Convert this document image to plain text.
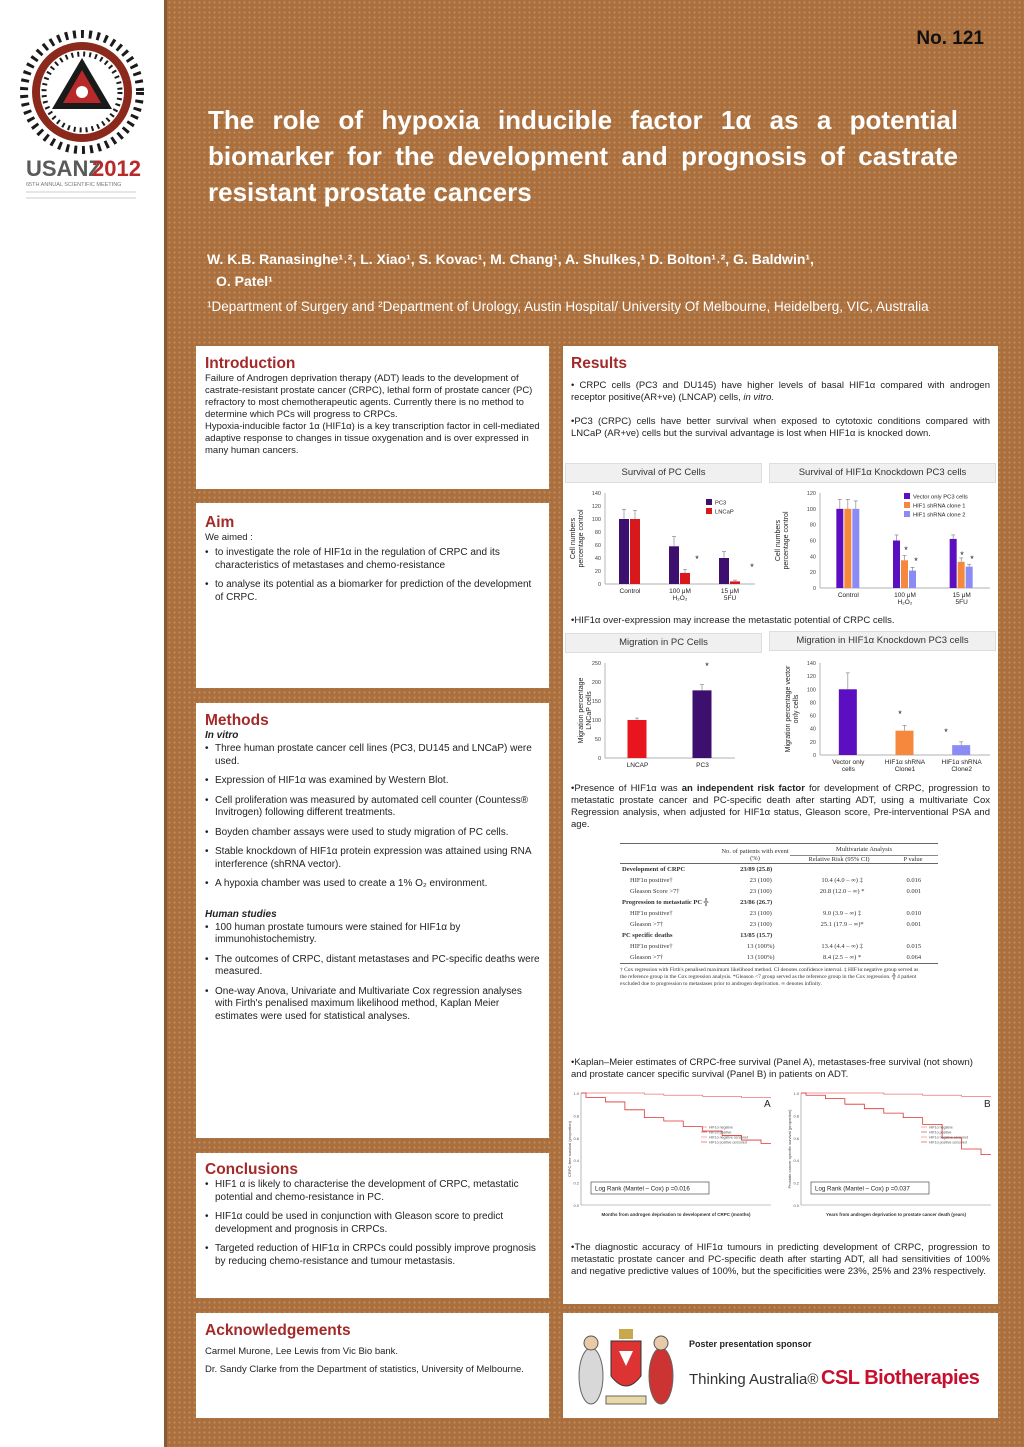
USANZ
2012
65TH ANNUAL SCIENTIFIC MEETING
No. 121
The role of hypoxia inducible factor 1α as a potential biomarker for the development and prognosis of castrate resistant prostate cancers
W. K.B. Ranasinghe¹˒², L. Xiao¹, S. Kovac¹, M. Chang¹, A. Shulkes,¹ D. Bolton¹˒², G. Baldwin¹,
O. Patel¹
¹Department of Surgery and ²Department of Urology, Austin Hospital/ University Of Melbourne, Heidelberg, VIC, Australia
Introduction
Failure of Androgen deprivation therapy (ADT) leads to the development of castrate-resistant prostate cancer (CRPC), lethal form of prostate cancer (PC) refractory to most chemotherapeutic agents. Currently there is no method to determine which PCs will progress to CRPCs.
Hypoxia-inducible factor 1α (HIF1α) is a key transcription factor in cell-mediated adaptive response to changes in tissue oxygenation and is over expressed in many human cancers.
Aim
We aimed :
• to investigate the role of HIF1α in the regulation of CRPC and its characteristics of metastases and chemo-resistance
• to analyse its potential as a biomarker for prediction of the development of CRPC.
Methods
In vitro
• Three human prostate cancer cell lines (PC3, DU145 and LNCaP) were used.
• Expression of HIF1α was examined by Western Blot.
• Cell proliferation was measured by automated cell counter (Countess® Invitrogen) following different treatments.
• Boyden chamber assays were used to study migration of PC cells.
• Stable knockdown of HIF1α protein expression was attained using RNA interference (shRNA vector).
• A hypoxia chamber was used to create a 1% O₂ environment.
Human studies
• 100 human prostate tumours were stained for HIF1α by immunohistochemistry.
• The outcomes of CRPC, distant metastases and PC-specific deaths were measured.
• One-way Anova, Univariate and Multivariate Cox regression analyses with Firth's penalised maximum likelihood method, Kaplan Meier estimates were used for statistical analyses.
Conclusions
• HIF1 α is likely to characterise the development of CRPC, metastatic potential and chemo-resistance in PC.
• HIF1α could be used in conjunction with Gleason score to predict development and prognosis in CRPCs.
• Targeted reduction of HIF1α in CRPCs could possibly improve prognosis by reducing chemo-resistance and tumour metastasis.
Acknowledgements
Carmel Murone, Lee Lewis from Vic Bio bank.
Dr. Sandy Clarke from the Department of statistics, University of Melbourne.
Results
• CRPC cells (PC3 and DU145) have higher levels of basal HIF1α compared with androgen receptor positive(AR+ve) (LNCAP) cells, in vitro.
•PC3 (CRPC) cells have better survival when exposed to cytotoxic conditions compared with LNCaP (AR+ve) cells but the survival advantage is lost when HIF1α is knocked down.
Survival of PC Cells	Survival of HIF1α Knockdown PC3 cells
0
20
40
60
80
100
120
140
Cell numberspercentage control
Control	100 μM
H₂O₂
15 μM
5FU
PC3
LNCaP
*
*
0
20
40
60
80
100
120
Cell numberspercentage control
Control	100 μM
H₂O₂
15 μM
5FU
Vector only PC3 cells
HIF1 shRNA clone 1
HIF1 shRNA clone 2
*
*
* *
•HIF1α over-expression may increase the metastatic potential of CRPC cells.
Migration in PC Cells	Migration in HIF1α Knockdown PC3 cells
0
50
100
150
200
250
Migration percentageLNCaP cells
LNCAP	PC3
*
0
20
40
60
80
100
120
140
Migration percentage vectoronly cells
Vector only
cells
HIF1α shRNA
Clone1
HIF1α shRNA
Clone2
*
*
•Presence of HIF1α was an independent risk factor for development of CRPC, progression to metastatic prostate cancer and PC-specific death after starting ADT, using a multivariate Cox Regression analysis, when adjusted for HIF1α status, Gleason score, Pre-interventional PSA and age.
No. of patients with event (%)
Multivariate Analysis
Relative Risk (95% CI)	P value
Development of CRPC	23/89 (25.8)
HIF1α positive†	23 (100)	10.4 (4.0 – ∞) ‡	0.016
Gleason Score >7†	23 (100)	20.8 (12.0 – ∞) *	0.001
Progression to metastatic PC ╬	23/86 (26.7)
HIF1α positive†	23 (100)	9.0 (3.9 – ∞) ‡	0.010
Gleason >7†	23 (100)	25.1 (17.9 – ∞)*	0.001
PC specific deaths	13/85 (15.7)
HIF1α positive†	13 (100%)	13.4 (4.4 – ∞) ‡	0.015
Gleason >7†	13 (100%)	8.4 (2.5 – ∞) *	0.064
† Cox regression with Firth's penalised maximum likelihood method. CI denotes confidence interval. ‡ HIF1α negative group served as the reference group in the Cox regression analysis. *Gleason <7 group served as the reference group in the Cox regression. ╬ 4 patient excluded due to progression to metastases prior to androgen deprivation. ∞ denotes infinity.
•Kaplan–Meier estimates of CRPC-free survival (Panel A), metastases-free survival (not shown) and prostate cancer specific survival (Panel B) in patients on ADT.
1.0
0.8
0.6
0.4
0.2
0.0
CRPC-free survival (proportion)	HIF1α negative
HIF1α positive
HIF1α negative censored
HIF1α positive censored
Log Rank (Mantel – Cox) p =0.016
A
Months from androgen deprivation to development of CRPC (months)
1.0
0.8
0.6
0.4
0.2
0.0
Prostate cancer specific survival (proportion)	HIF1α negative
HIF1α positive
HIF1α negative censored
HIF1α positive censored
Log Rank (Mantel – Cox) p =0.037
B
Years from androgen deprivation to prostate cancer death (years)
•The diagnostic accuracy of HIF1α tumours in predicting development of CRPC, progression to metastatic prostate cancer and PC-specific death after starting ADT, all had sensitivities of 100% and negative predictive values of 100%, but the specificities were 23%, 25% and 23% respectively.
Poster presentation sponsor
Thinking Australia® CSL Biotherapies
